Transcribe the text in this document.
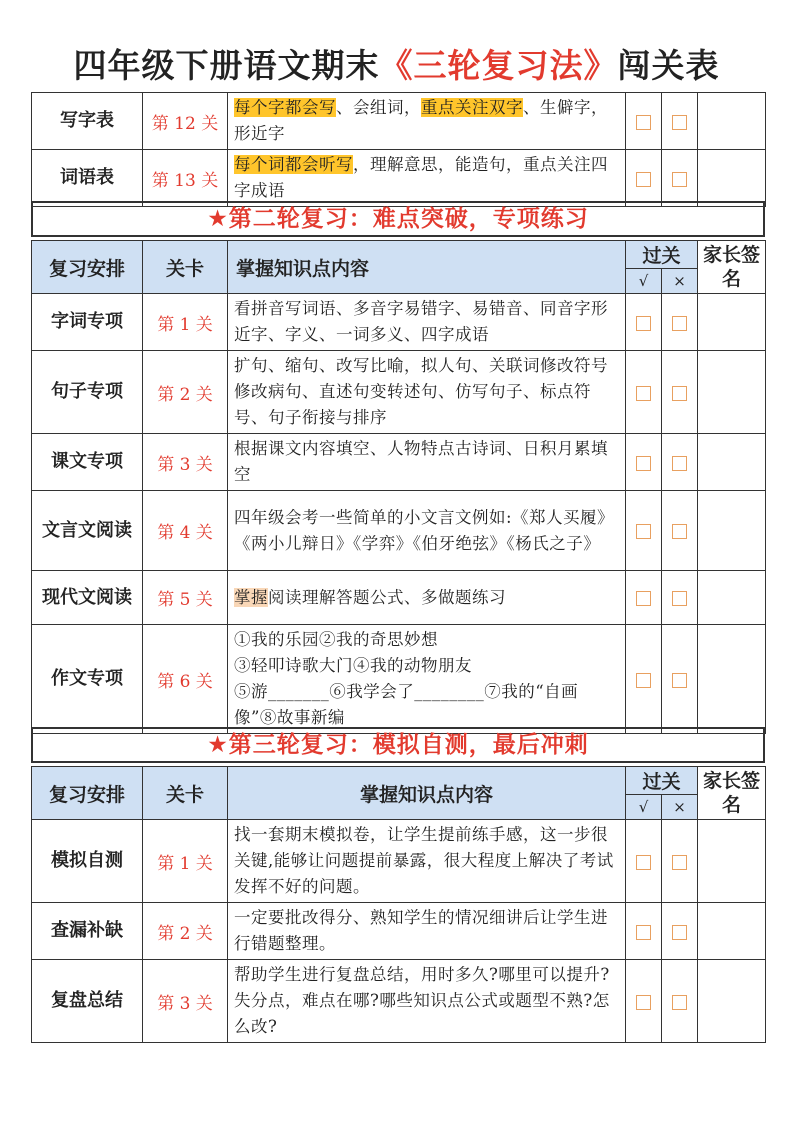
四年级下册语文期末《三轮复习法》闯关表
写字表	第 12 关	每个字都会写、会组词，重点关注双字、生僻字，形近字			
词语表	第 13 关	每个词都会听写，理解意思，能造句，重点关注四字成语			
★第二轮复习：难点突破，专项练习
复习安排	关卡	掌握知识点内容	过关		家长签名
			√	×	
字词专项	第 1 关	看拼音写词语、多音字易错字、易错音、同音字形近字、字义、一词多义、四字成语			
句子专项	第 2 关	扩句、缩句、改写比喻，拟人句、关联词修改符号修改病句、直述句变转述句、仿写句子、标点符号、句子衔接与排序			
课文专项	第 3 关	根据课文内容填空、人物特点古诗词、日积月累填空			
文言文阅读	第 4 关	四年级会考一些简单的小文言文例如:《郑人买履》《两小儿辩日》《学弈》《伯牙绝弦》《杨氏之子》			
现代文阅读	第 5 关	掌握阅读理解答题公式、多做题练习			
作文专项	第 6 关	①我的乐园②我的奇思妙想
③轻叩诗歌大门④我的动物朋友
⑤游_______⑥我学会了________⑦我的“自画像”⑧故事新编			

★第三轮复习：模拟自测，最后冲刺
复习安排	关卡	掌握知识点内容	过关		家长签名
			√	×	
模拟自测	第 1 关	找一套期末模拟卷，让学生提前练手感，这一步很关键,能够让问题提前暴露，很大程度上解决了考试发挥不好的问题。			
查漏补缺	第 2 关	一定要批改得分、熟知学生的情况细讲后让学生进行错题整理。			
复盘总结	第 3 关	帮助学生进行复盘总结，用时多久?哪里可以提升?失分点，难点在哪?哪些知识点公式或题型不熟?怎么改?			
